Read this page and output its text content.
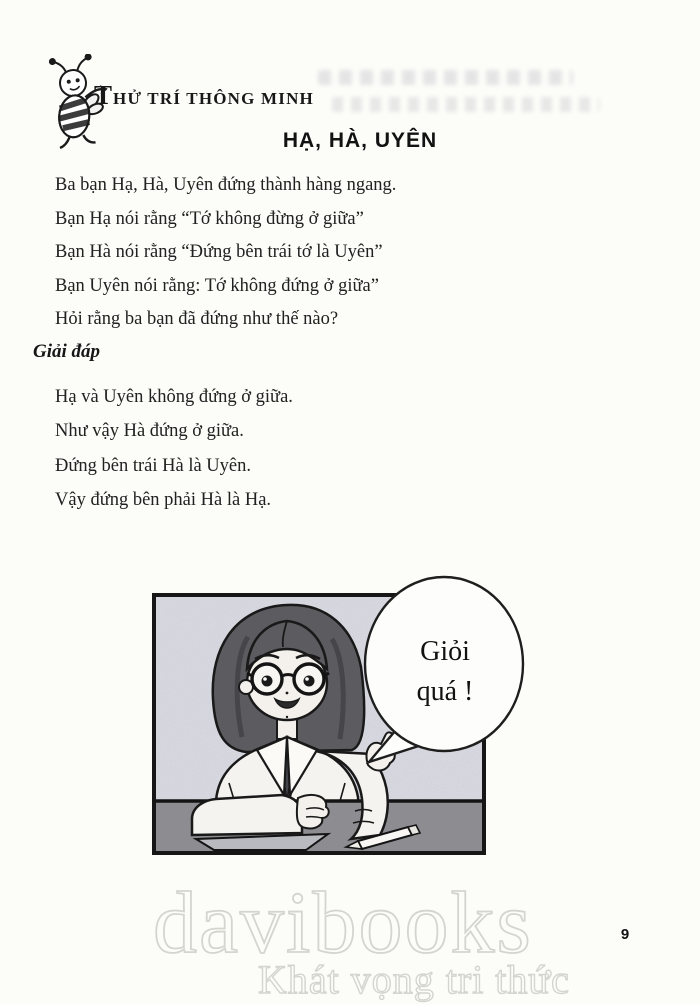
THỬ TRÍ THÔNG MINH
HẠ, HÀ, UYÊN
Ba bạn Hạ, Hà, Uyên đứng thành hàng ngang.
Bạn Hạ nói rằng “Tớ không đừng ở giữa”
Bạn Hà nói rằng “Đứng bên trái tớ là Uyên”
Bạn Uyên nói rằng: Tớ không đứng ở giữa”
Hỏi rằng ba bạn đã đứng như thế nào?
Giải đáp
Hạ và Uyên không đứng ở giữa.
Như vậy Hà đứng ở giữa.
Đứng bên trái Hà là Uyên.
Vậy đứng bên phải Hà là Hạ.
Giỏi
quá !
davibooks
Khát vọng tri thức
9
